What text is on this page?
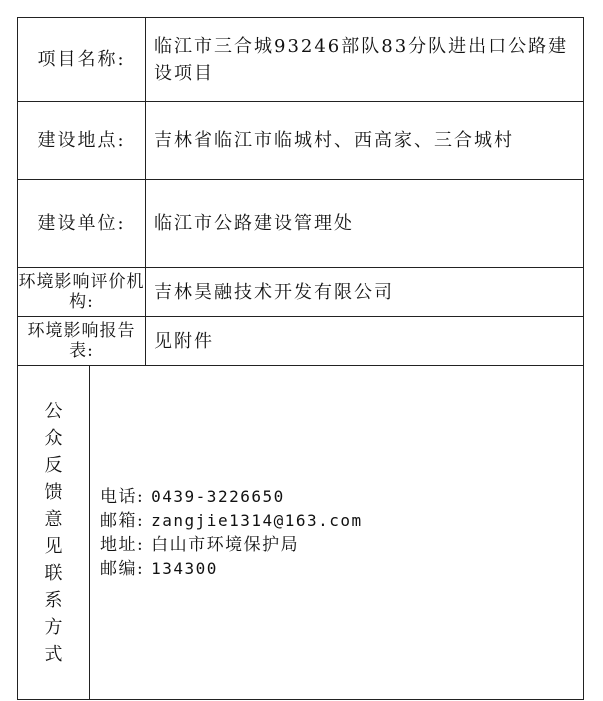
项目名称:		临江市三合城93246部队83分队进出口公路建设项目
建设地点:		吉林省临江市临城村、西高家、三合城村
建设单位:		临江市公路建设管理处
环境影响评价机构:		吉林昊融技术开发有限公司
环境影响报告表:		见附件
公众反馈意见联系方式	电话: 0439-3226650
邮箱: zangjie1314@163.com
地址: 白山市环境保护局
邮编: 134300	
